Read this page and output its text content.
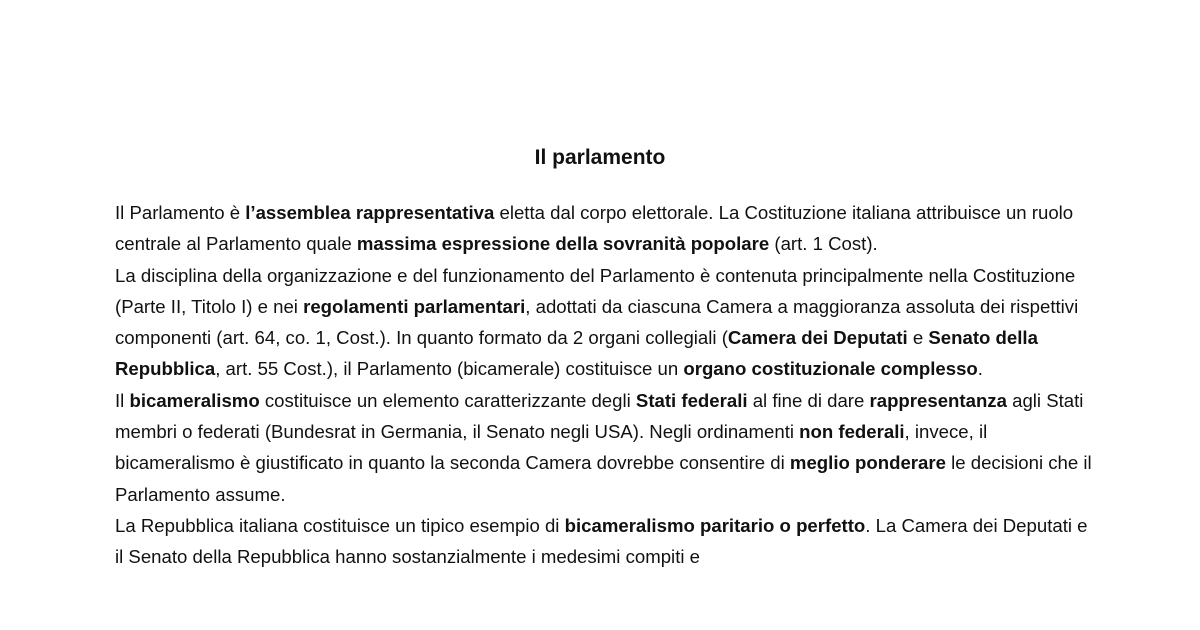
Il parlamento

Il Parlamento è l’assemblea rappresentativa eletta dal corpo elettorale. La Costituzione italiana attribuisce un ruolo centrale al Parlamento quale massima espressione della sovranità popolare (art. 1 Cost).

La disciplina della organizzazione e del funzionamento del Parlamento è contenuta principalmente nella Costituzione (Parte II, Titolo I) e nei regolamenti parlamentari, adottati da ciascuna Camera a maggioranza assoluta dei rispettivi componenti (art. 64, co. 1, Cost.). In quanto formato da 2 organi collegiali (Camera dei Deputati e Senato della Repubblica, art. 55 Cost.), il Parlamento (bicamerale) costituisce un organo costituzionale complesso.

Il bicameralismo costituisce un elemento caratterizzante degli Stati federali al fine di dare rappresentanza agli Stati membri o federati (Bundesrat in Germania, il Senato negli USA). Negli ordinamenti non federali, invece, il bicameralismo è giustificato in quanto la seconda Camera dovrebbe consentire di meglio ponderare le decisioni che il Parlamento assume.

La Repubblica italiana costituisce un tipico esempio di bicameralismo paritario o perfetto. La Camera dei Deputati e il Senato della Repubblica hanno sostanzialmente i medesimi compiti e
